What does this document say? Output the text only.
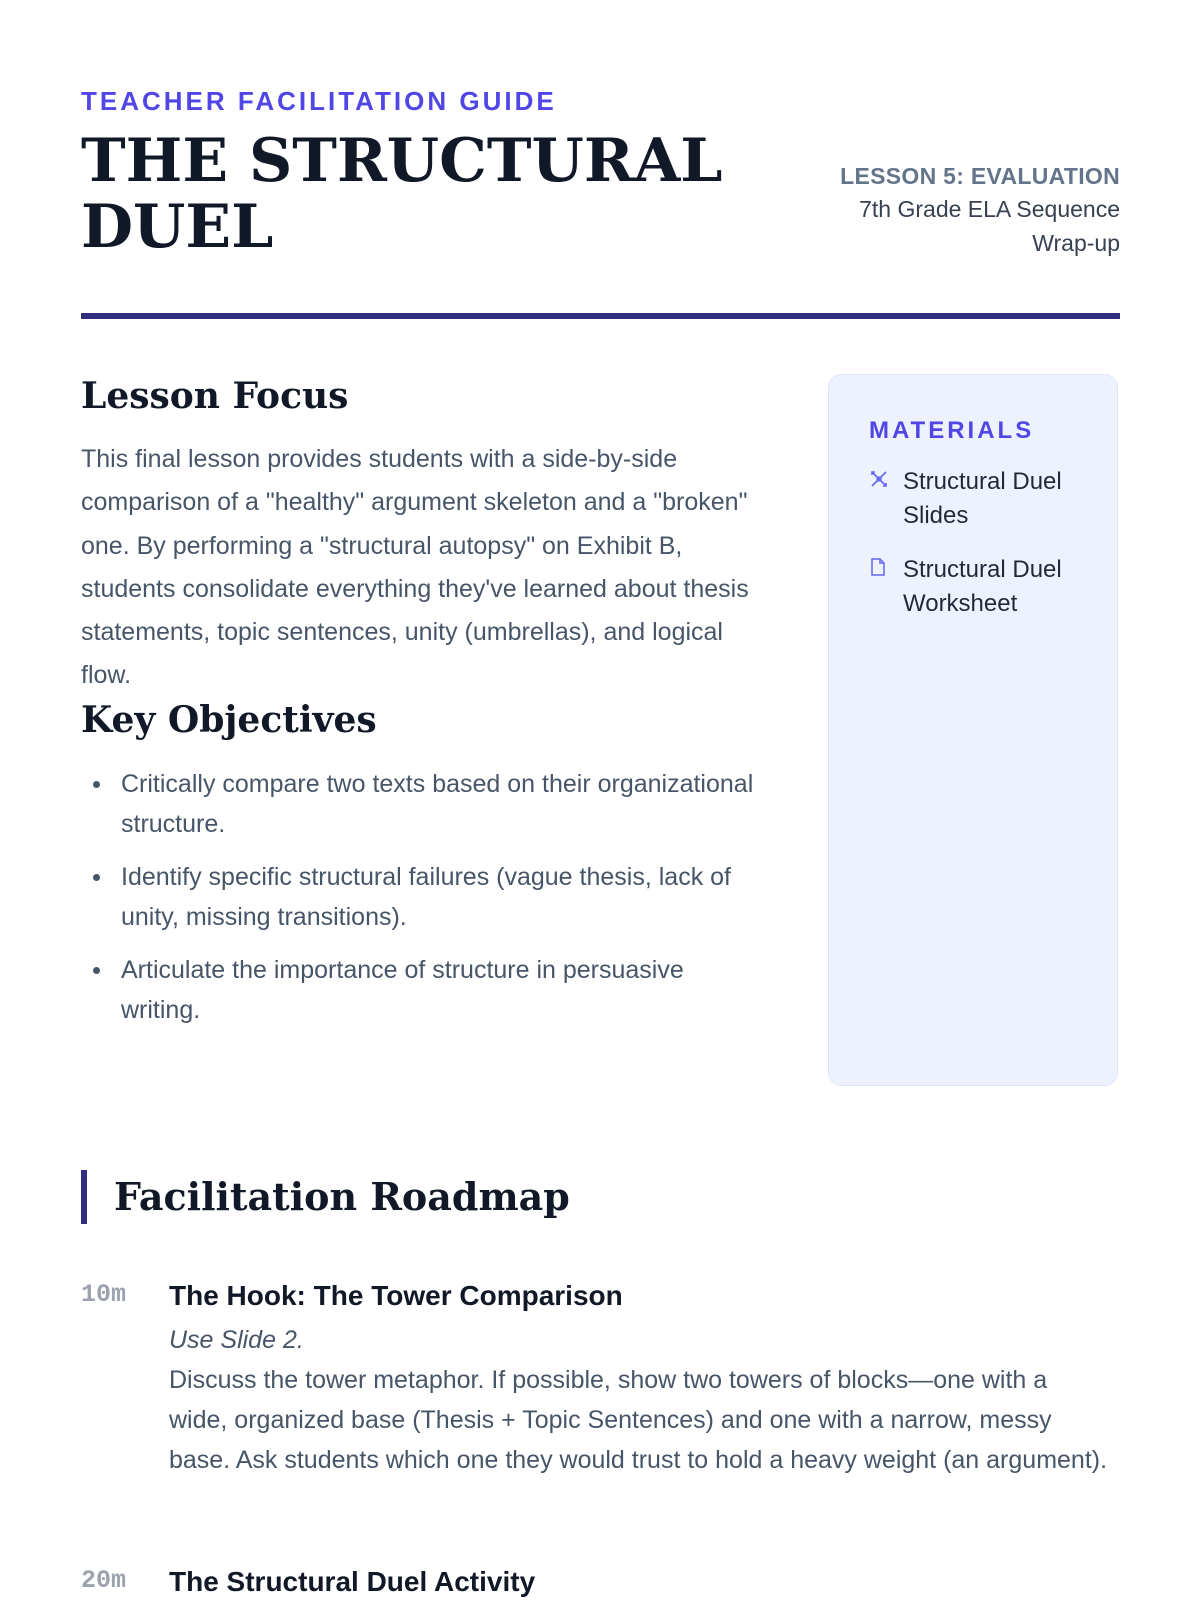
TEACHER FACILITATION GUIDE
THE STRUCTURAL DUEL
LESSON 5: EVALUATION
7th Grade ELA Sequence Wrap-up
Lesson Focus

This final lesson provides students with a side-by-side comparison of a "healthy" argument skeleton and a "broken" one. By performing a "structural autopsy" on Exhibit B, students consolidate everything they've learned about thesis statements, topic sentences, unity (umbrellas), and logical flow.

Key Objectives
Critically compare two texts based on their organizational structure.
Identify specific structural failures (vague thesis, lack of unity, missing transitions).
Articulate the importance of structure in persuasive writing.
MATERIALS
Structural Duel Slides
Structural Duel Worksheet
Facilitation Roadmap
10m The Hook: The Tower Comparison
Use Slide 2.
Discuss the tower metaphor. If possible, show two towers of blocks—one with a wide, organized base (Thesis + Topic Sentences) and one with a narrow, messy base. Ask students which one they would trust to hold a heavy weight (an argument).
20m The Structural Duel Activity
